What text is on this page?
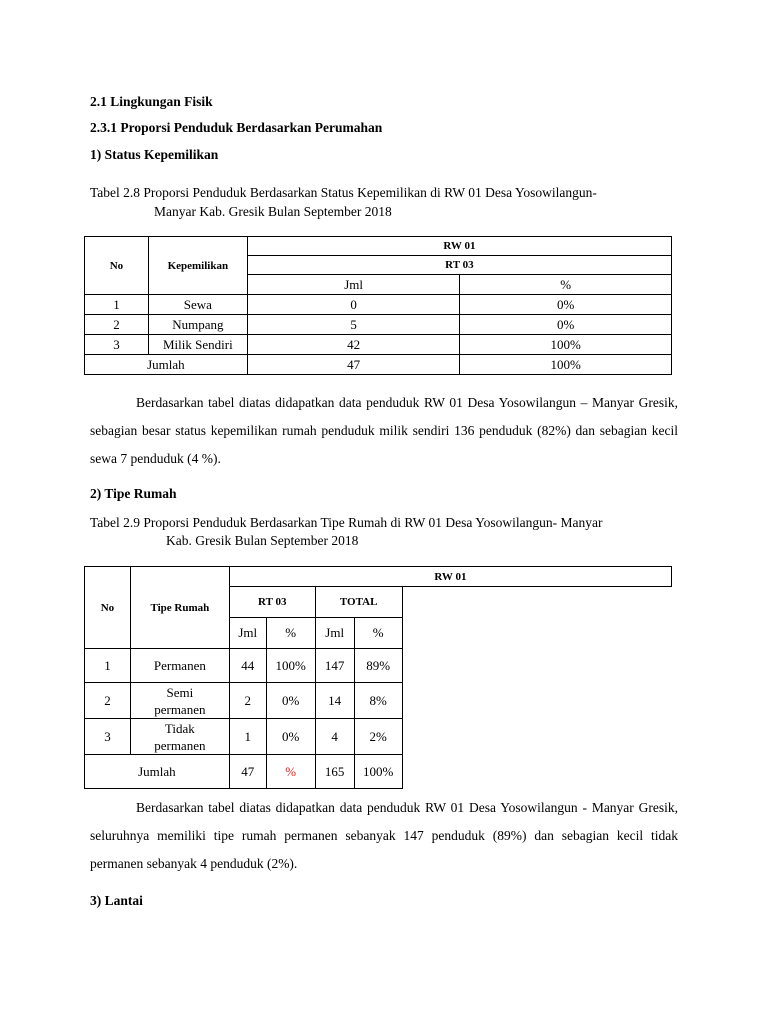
2.1 Lingkungan Fisik
2.3.1 Proporsi Penduduk Berdasarkan Perumahan
1) Status Kepemilikan
Tabel 2.8 Proporsi Penduduk Berdasarkan Status Kepemilikan di RW 01 Desa Yosowilangun-
Manyar Kab. Gresik Bulan September 2018
No	Kepemilikan	RW 01	
		RT 03	
		Jml	%
1	Sewa	0	0%
2	Numpang	5	0%
3	Milik Sendiri	42	100%
Jumlah		47	100%
Berdasarkan tabel diatas didapatkan data penduduk RW 01 Desa Yosowilangun – Manyar Gresik, sebagian besar status kepemilikan rumah penduduk milik sendiri 136 penduduk (82%) dan sebagian kecil sewa 7 penduduk (4 %).
2) Tipe Rumah
Tabel 2.9 Proporsi Penduduk Berdasarkan Tipe Rumah di RW 01 Desa Yosowilangun- Manyar
Kab. Gresik Bulan September 2018
No	Tipe Rumah	RW 01				
		RT 03		TOTAL		
		Jml	%	Jml	%	
1	Permanen	44	100%	147	89%	
2	Semi
permanen	2	0%	14	8%	
3	Tidak
permanen	1	0%	4	2%	
Jumlah		47	%	165	100%	
Berdasarkan tabel diatas didapatkan data penduduk RW 01 Desa Yosowilangun - Manyar Gresik, seluruhnya memiliki tipe rumah permanen sebanyak 147 penduduk (89%) dan sebagian kecil tidak permanen sebanyak 4 penduduk (2%).
3) Lantai
